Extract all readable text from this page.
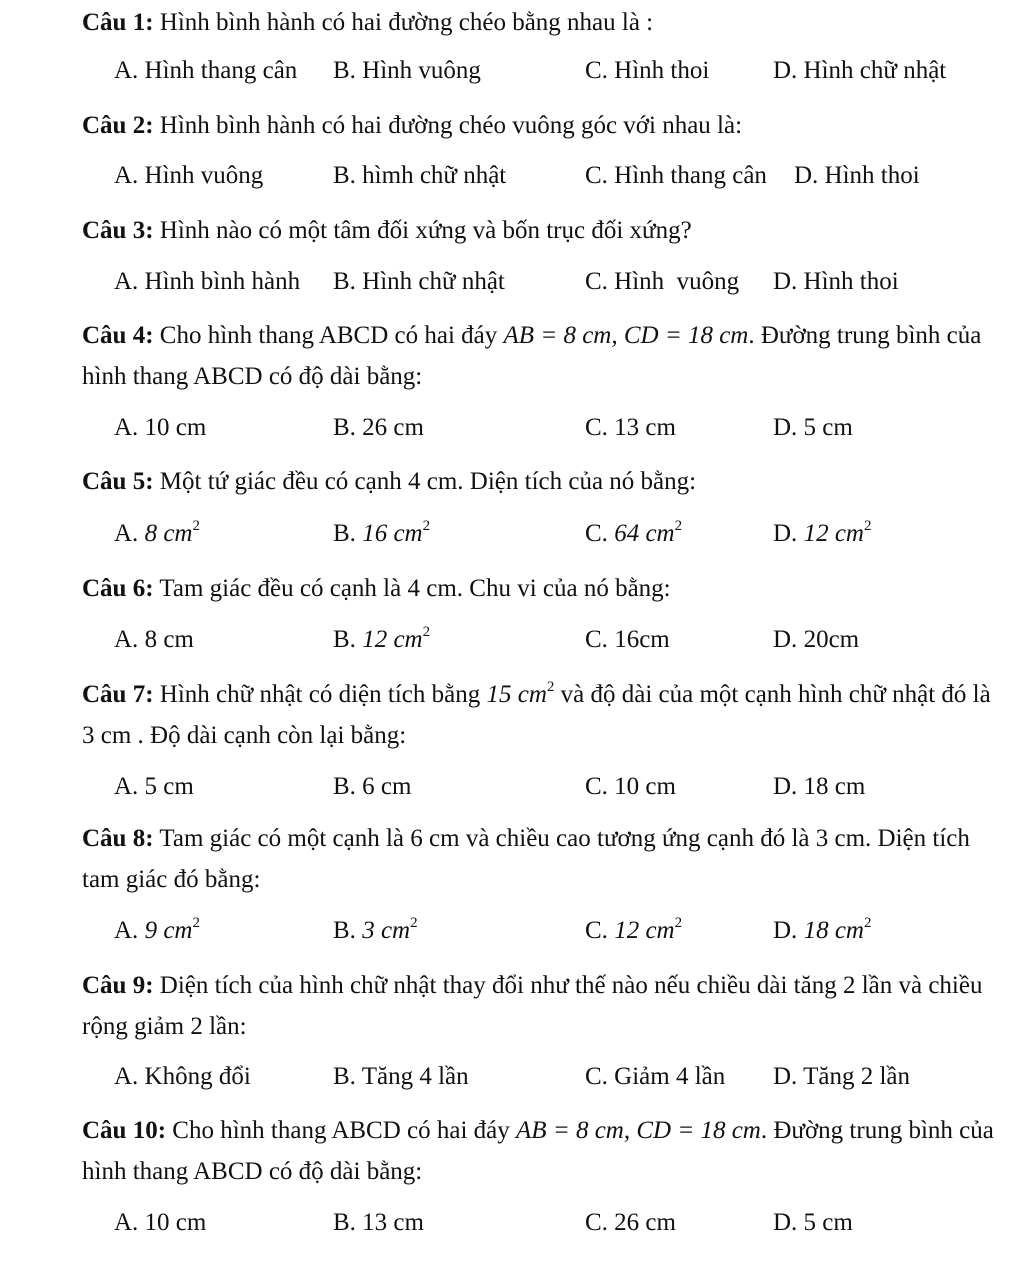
Câu 1: Hình bình hành có hai đường chéo bằng nhau là :

A. Hình thang cân B. Hình vuông	C. Hình thoi	D. Hình chữ nhật

Câu 2: Hình bình hành có hai đường chéo vuông góc với nhau là:

A. Hình vuông	B. hìmh chữ nhật	C. Hình thang cân D. Hình thoi

Câu 3: Hình nào có một tâm đối xứng và bốn trục đối xứng?

A. Hình bình hành B. Hình chữ nhật	C. Hình  vuông D. Hình thoi

Câu 4: Cho hình thang ABCD có hai đáy AB = 8 cm, CD = 18 cm. Đường trung bình của hình thang ABCD có độ dài bằng:

A. 10 cm	B. 26 cm	C. 13 cm	D. 5 cm

Câu 5: Một tứ giác đều có cạnh 4 cm. Diện tích của nó bằng:

A. 8 $cm^2$	B. 16 $cm^2$	C. 64 $cm^2$	D. 12 $cm^2$

Câu 6: Tam giác đều có cạnh là 4 cm. Chu vi của nó bằng:

A. 8 cm	B. 12 $cm^2$	C. 16cm	D. 20cm

Câu 7: Hình chữ nhật có diện tích bằng 15 $cm^2$ và độ dài của một cạnh hình chữ nhật đó là 3 cm . Độ dài cạnh còn lại bằng:

A. 5 cm	B. 6 cm	C. 10 cm	D. 18 cm

Câu 8: Tam giác có một cạnh là 6 cm và chiều cao tương ứng cạnh đó là 3 cm. Diện tích tam giác đó bằng:

A. 9 $cm^2$	B. 3 $cm^2$	C. 12 $cm^2$	D. 18 $cm^2$

Câu 9: Diện tích của hình chữ nhật thay đổi như thế nào nếu chiều dài tăng 2 lần và chiều rộng giảm 2 lần:

A. Không đổi	B. Tăng 4 lần	C. Giảm 4 lần D. Tăng 2 lần

Câu 10: Cho hình thang ABCD có hai đáy AB = 8 cm, CD = 18 cm. Đường trung bình của hình thang ABCD có độ dài bằng:

A. 10 cm	B. 13 cm	C. 26 cm	D. 5 cm
